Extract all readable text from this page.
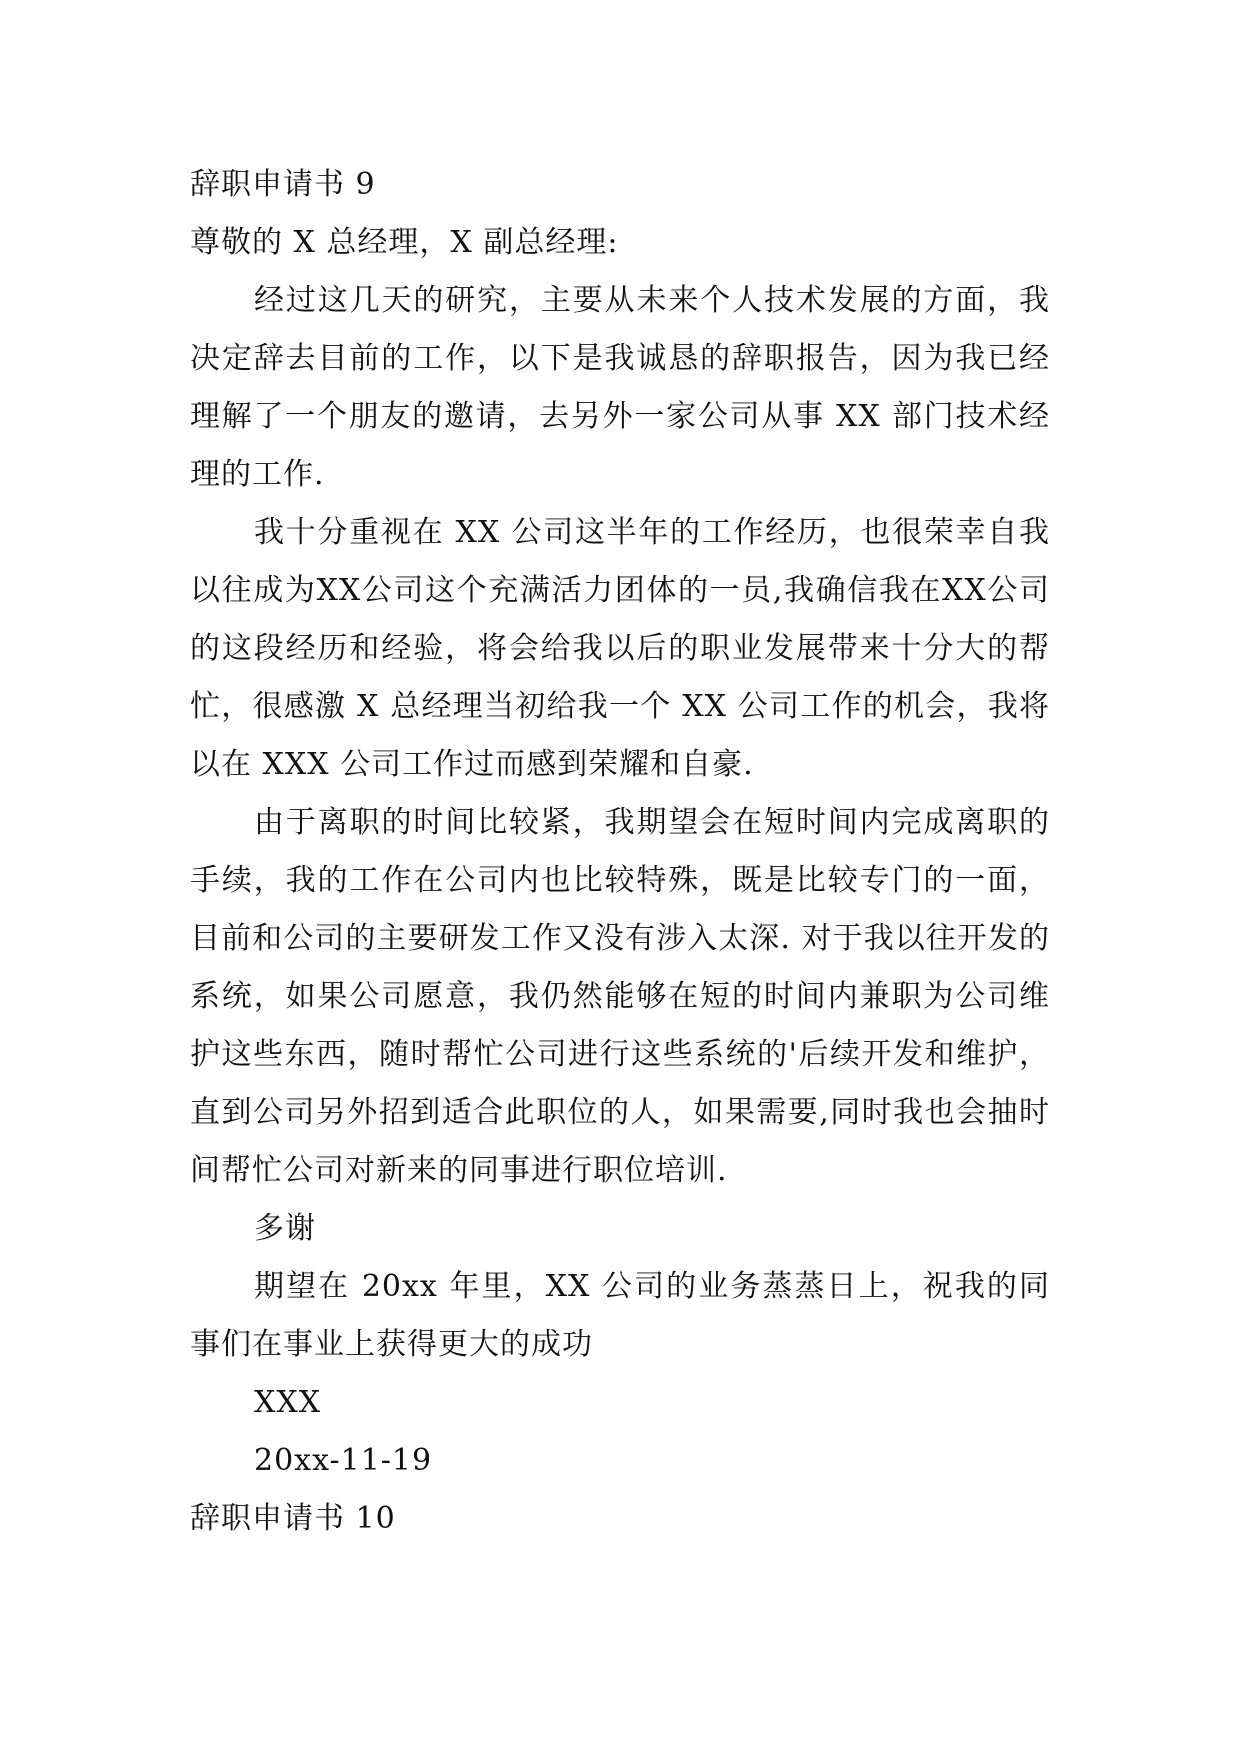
辞职申请书 9

尊敬的 X 总经理，X 副总经理:

经过这几天的研究，主要从未来个人技术发展的方面，我决定辞去目前的工作，以下是我诚恳的辞职报告，因为我已经理解了一个朋友的邀请，去另外一家公司从事 XX 部门技术经理的工作.

我十分重视在 XX 公司这半年的工作经历，也很荣幸自我以往成为XX公司这个充满活力团体的一员,我确信我在XX公司的这段经历和经验，将会给我以后的职业发展带来十分大的帮忙，很感激 X 总经理当初给我一个 XX 公司工作的机会，我将以在 XXX 公司工作过而感到荣耀和自豪.

由于离职的时间比较紧，我期望会在短时间内完成离职的手续，我的工作在公司内也比较特殊，既是比较专门的一面，目前和公司的主要研发工作又没有涉入太深. 对于我以往开发的系统，如果公司愿意，我仍然能够在短的时间内兼职为公司维护这些东西，随时帮忙公司进行这些系统的'后续开发和维护，直到公司另外招到适合此职位的人，如果需要,同时我也会抽时间帮忙公司对新来的同事进行职位培训.

多谢

期望在 20xx 年里，XX 公司的业务蒸蒸日上，祝我的同事们在事业上获得更大的成功

XXX

20xx-11-19

辞职申请书 10
